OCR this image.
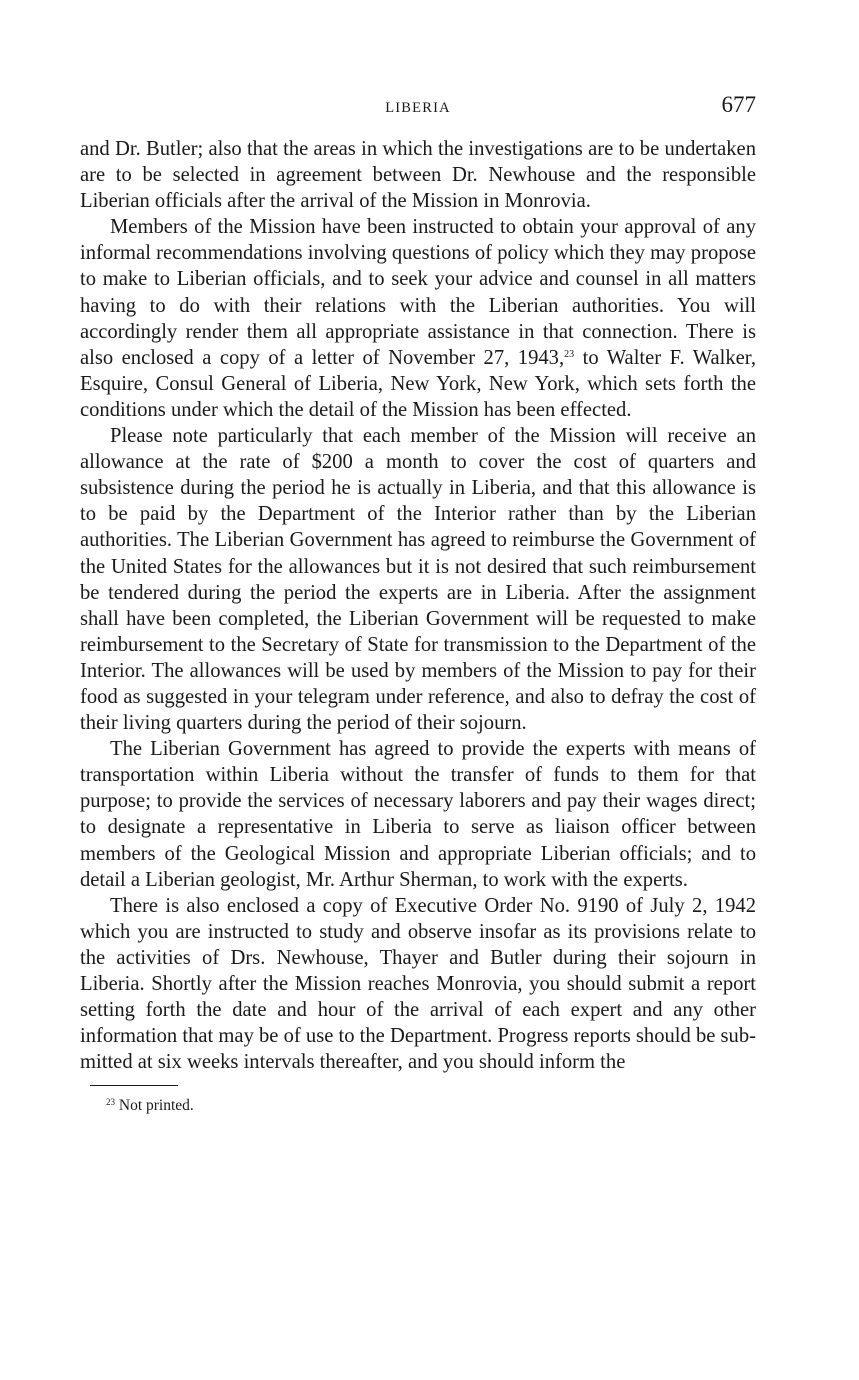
LIBERIA	677

and Dr. Butler; also that the areas in which the investigations are to be undertaken are to be selected in agreement between Dr. Newhouse and the responsible Liberian officials after the arrival of the Mission in Monrovia.

Members of the Mission have been instructed to obtain your approval of any informal recommendations involving questions of policy which they may propose to make to Liberian officials, and to seek your advice and counsel in all matters having to do with their relations with the Liberian authorities. You will accordingly render them all appropriate assistance in that connection. There is also enclosed a copy of a letter of November 27, 1943,23 to Walter F. Walker, Esquire, Consul General of Liberia, New York, New York, which sets forth the conditions under which the detail of the Mission has been effected.

Please note particularly that each member of the Mission will receive an allowance at the rate of $200 a month to cover the cost of quarters and subsistence during the period he is actually in Liberia, and that this allowance is to be paid by the Department of the Interior rather than by the Liberian authorities. The Liberian Government has agreed to reimburse the Government of the United States for the allowances but it is not desired that such reimbursement be tendered during the period the experts are in Liberia. After the assignment shall have been completed, the Liberian Government will be requested to make reimbursement to the Secretary of State for transmission to the Department of the Interior. The allowances will be used by members of the Mission to pay for their food as suggested in your telegram under reference, and also to defray the cost of their living quarters during the period of their sojourn.

The Liberian Government has agreed to provide the experts with means of transportation within Liberia without the transfer of funds to them for that purpose; to provide the services of necessary laborers and pay their wages direct; to designate a representative in Liberia to serve as liaison officer between members of the Geological Mission and appropriate Liberian officials; and to detail a Liberian geologist, Mr. Arthur Sherman, to work with the experts.

There is also enclosed a copy of Executive Order No. 9190 of July 2, 1942 which you are instructed to study and observe insofar as its provisions relate to the activities of Drs. Newhouse, Thayer and Butler during their sojourn in Liberia. Shortly after the Mission reaches Monrovia, you should submit a report setting forth the date and hour of the arrival of each expert and any other information that may be of use to the Department. Progress reports should be submitted at six weeks intervals thereafter, and you should inform the

$^{23}$ Not printed.
